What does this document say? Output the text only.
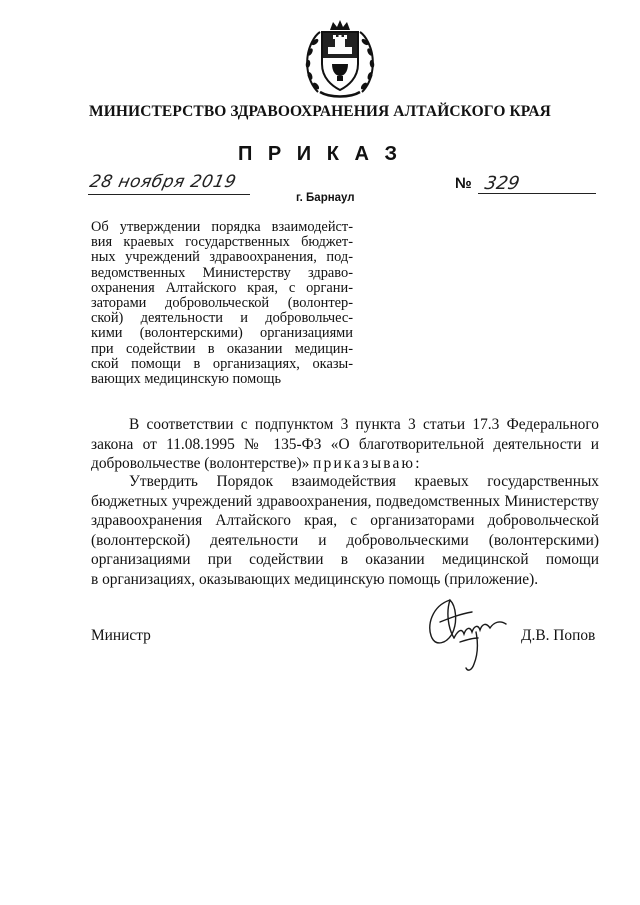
МИНИСТЕРСТВО ЗДРАВООХРАНЕНИЯ АЛТАЙСКОГО КРАЯ
П Р И К А З
28 ноября 2019
г. Барнаул
№ 329
Об утверждении порядка взаимодейст-
вия краевых государственных бюджет-
ных учреждений здравоохранения, под-
ведомственных Министерству здраво-
охранения Алтайского края, с органи-
заторами добровольческой (волонтер-
ской) деятельности и добровольчес-
кими (волонтерскими) организациями
при содействии в оказании медицин-
ской помощи в организациях, оказы-
вающих медицинскую помощь
В соответствии с подпунктом 3 пункта 3 статьи 17.3 Федерального
закона от 11.08.1995 № 135-ФЗ «О благотворительной деятельности и
добровольчестве (волонтерстве)» приказываю:
Утвердить Порядок взаимодействия краевых государственных
бюджетных учреждений здравоохранения, подведомственных Министерству
здравоохранения Алтайского края, с организаторами добровольческой
(волонтерской) деятельности и добровольческими (волонтерскими)
организациями при содействии в оказании медицинской помощи
в организациях, оказывающих медицинскую помощь (приложение).
Министр	Д.В. Попов
